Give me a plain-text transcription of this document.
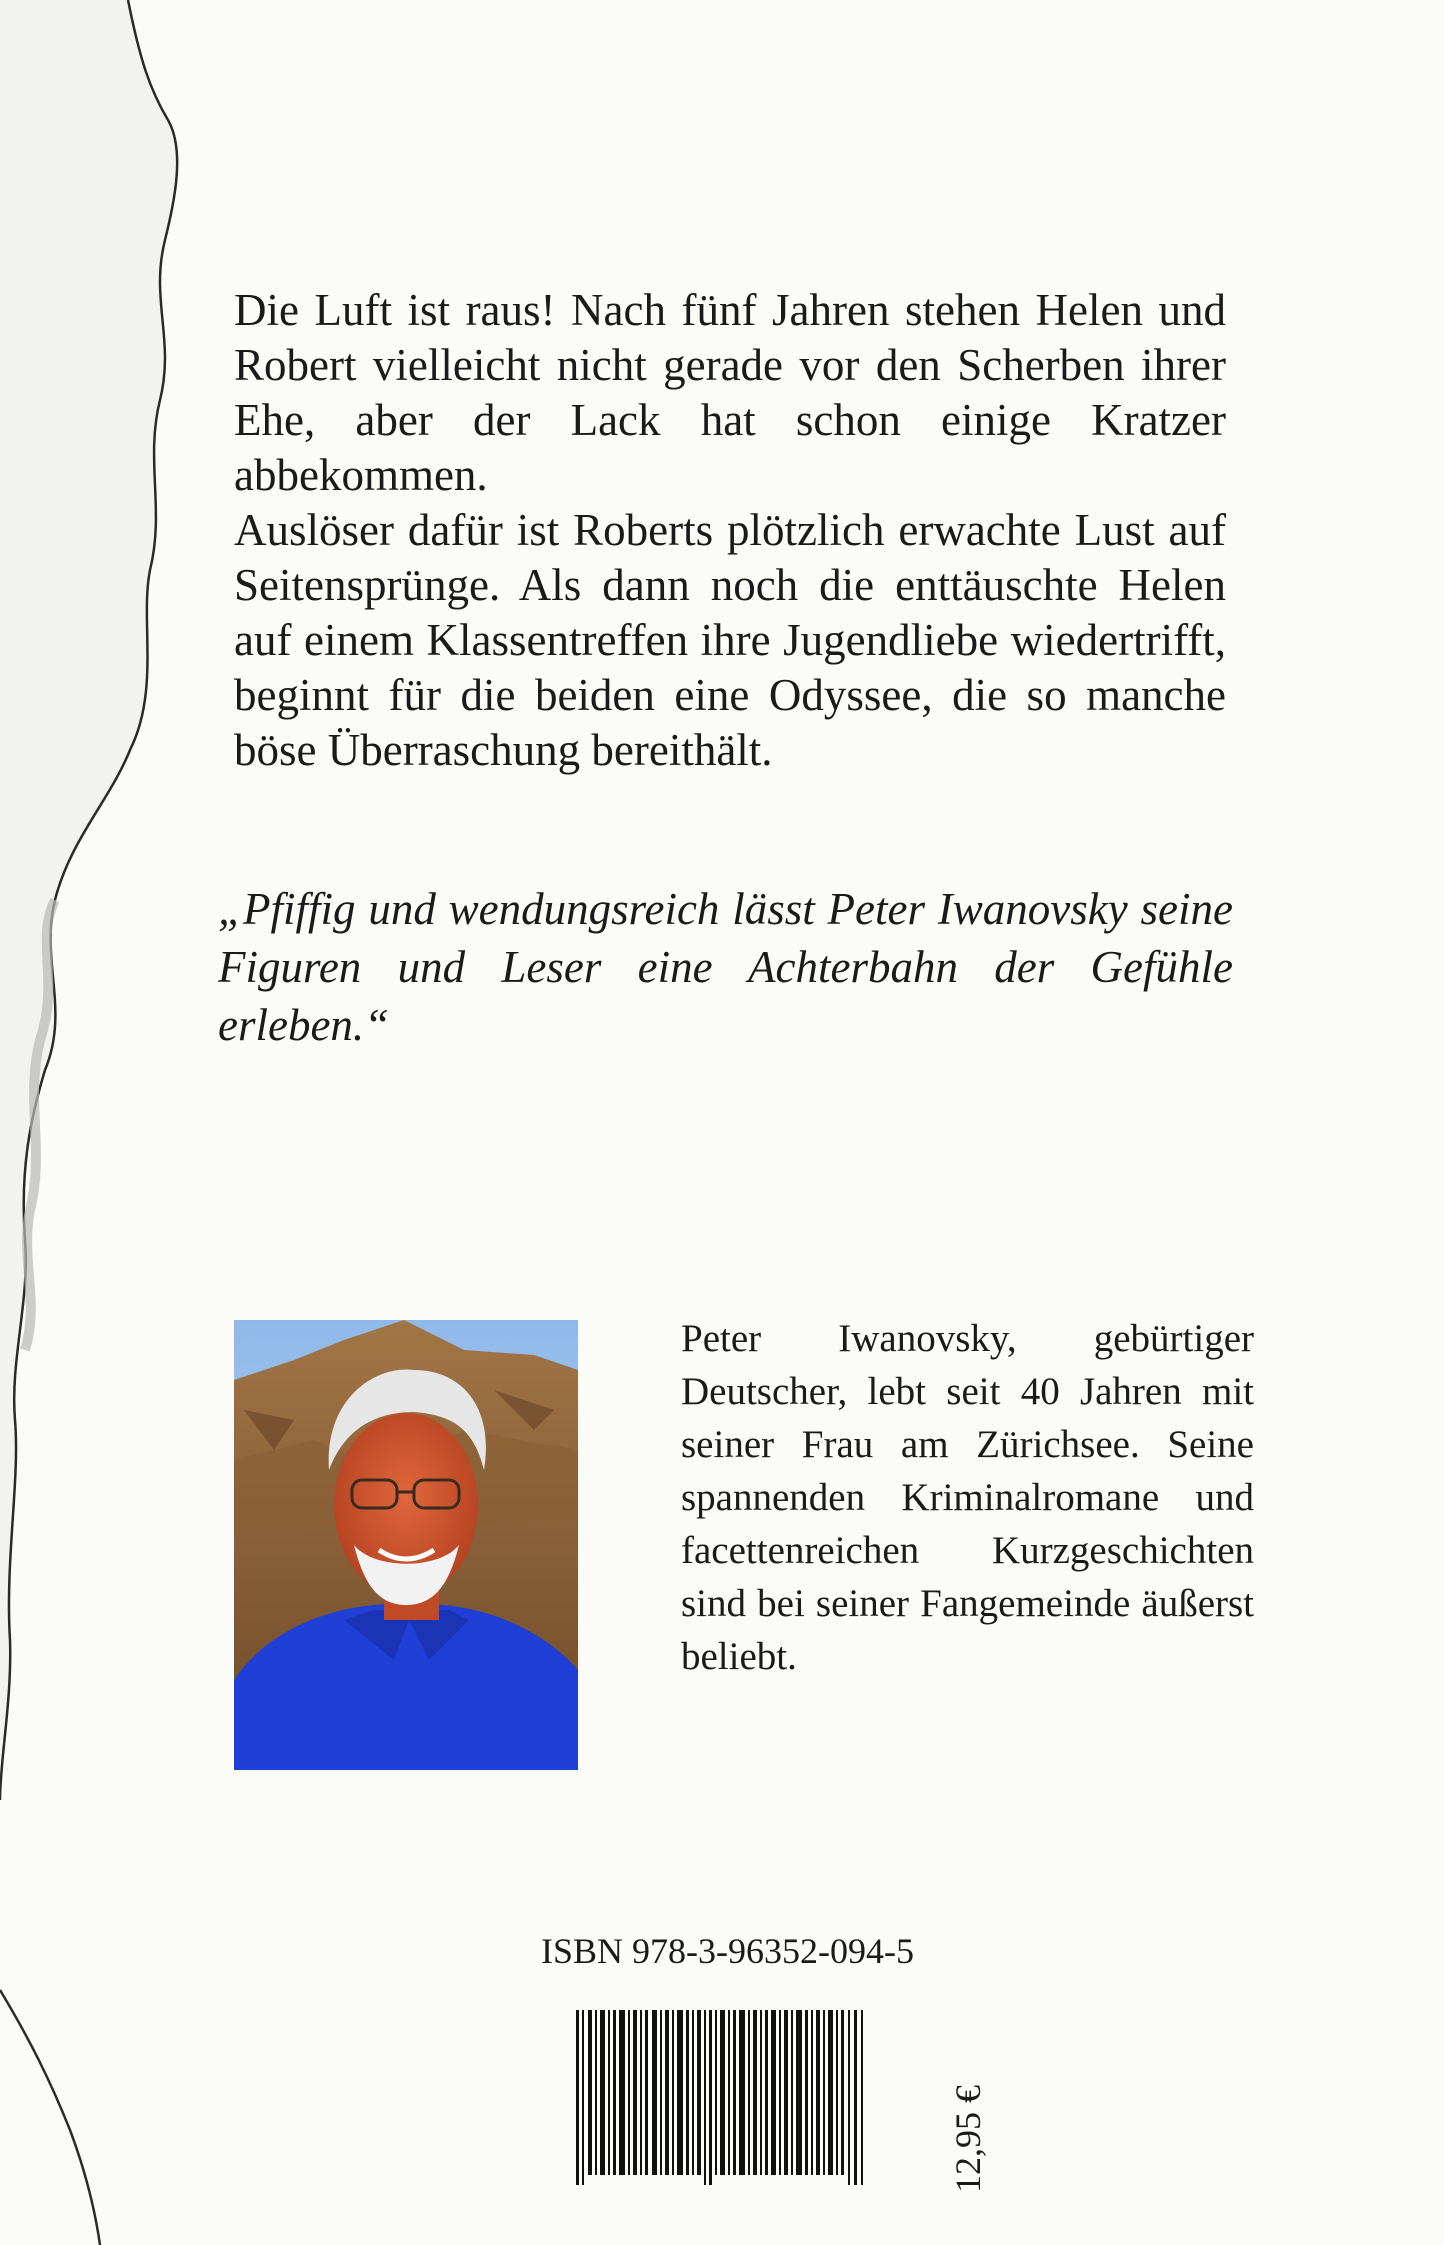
Die Luft ist raus! Nach fünf Jahren stehen Helen und Robert vielleicht nicht gerade vor den Scherben ihrer Ehe, aber der Lack hat schon einige Kratzer abbekommen.

Auslöser dafür ist Roberts plötzlich erwachte Lust auf Seitensprünge. Als dann noch die enttäuschte Helen auf einem Klassentreffen ihre Jugendliebe wiedertrifft, beginnt für die beiden eine Odyssee, die so manche böse Überraschung bereithält.

„Pfiffig und wendungsreich lässt Peter Iwanovsky seine Figuren und Leser eine Achterbahn der Gefühle erleben.“
Peter Iwanovsky, gebürtiger Deutscher, lebt seit 40 Jahren mit seiner Frau am Zürichsee. Seine spannenden Kriminalromane und facettenreichen Kurzgeschichten sind bei seiner Fangemeinde äußerst beliebt.
ISBN 978-3-96352-094-5
12,95 €
